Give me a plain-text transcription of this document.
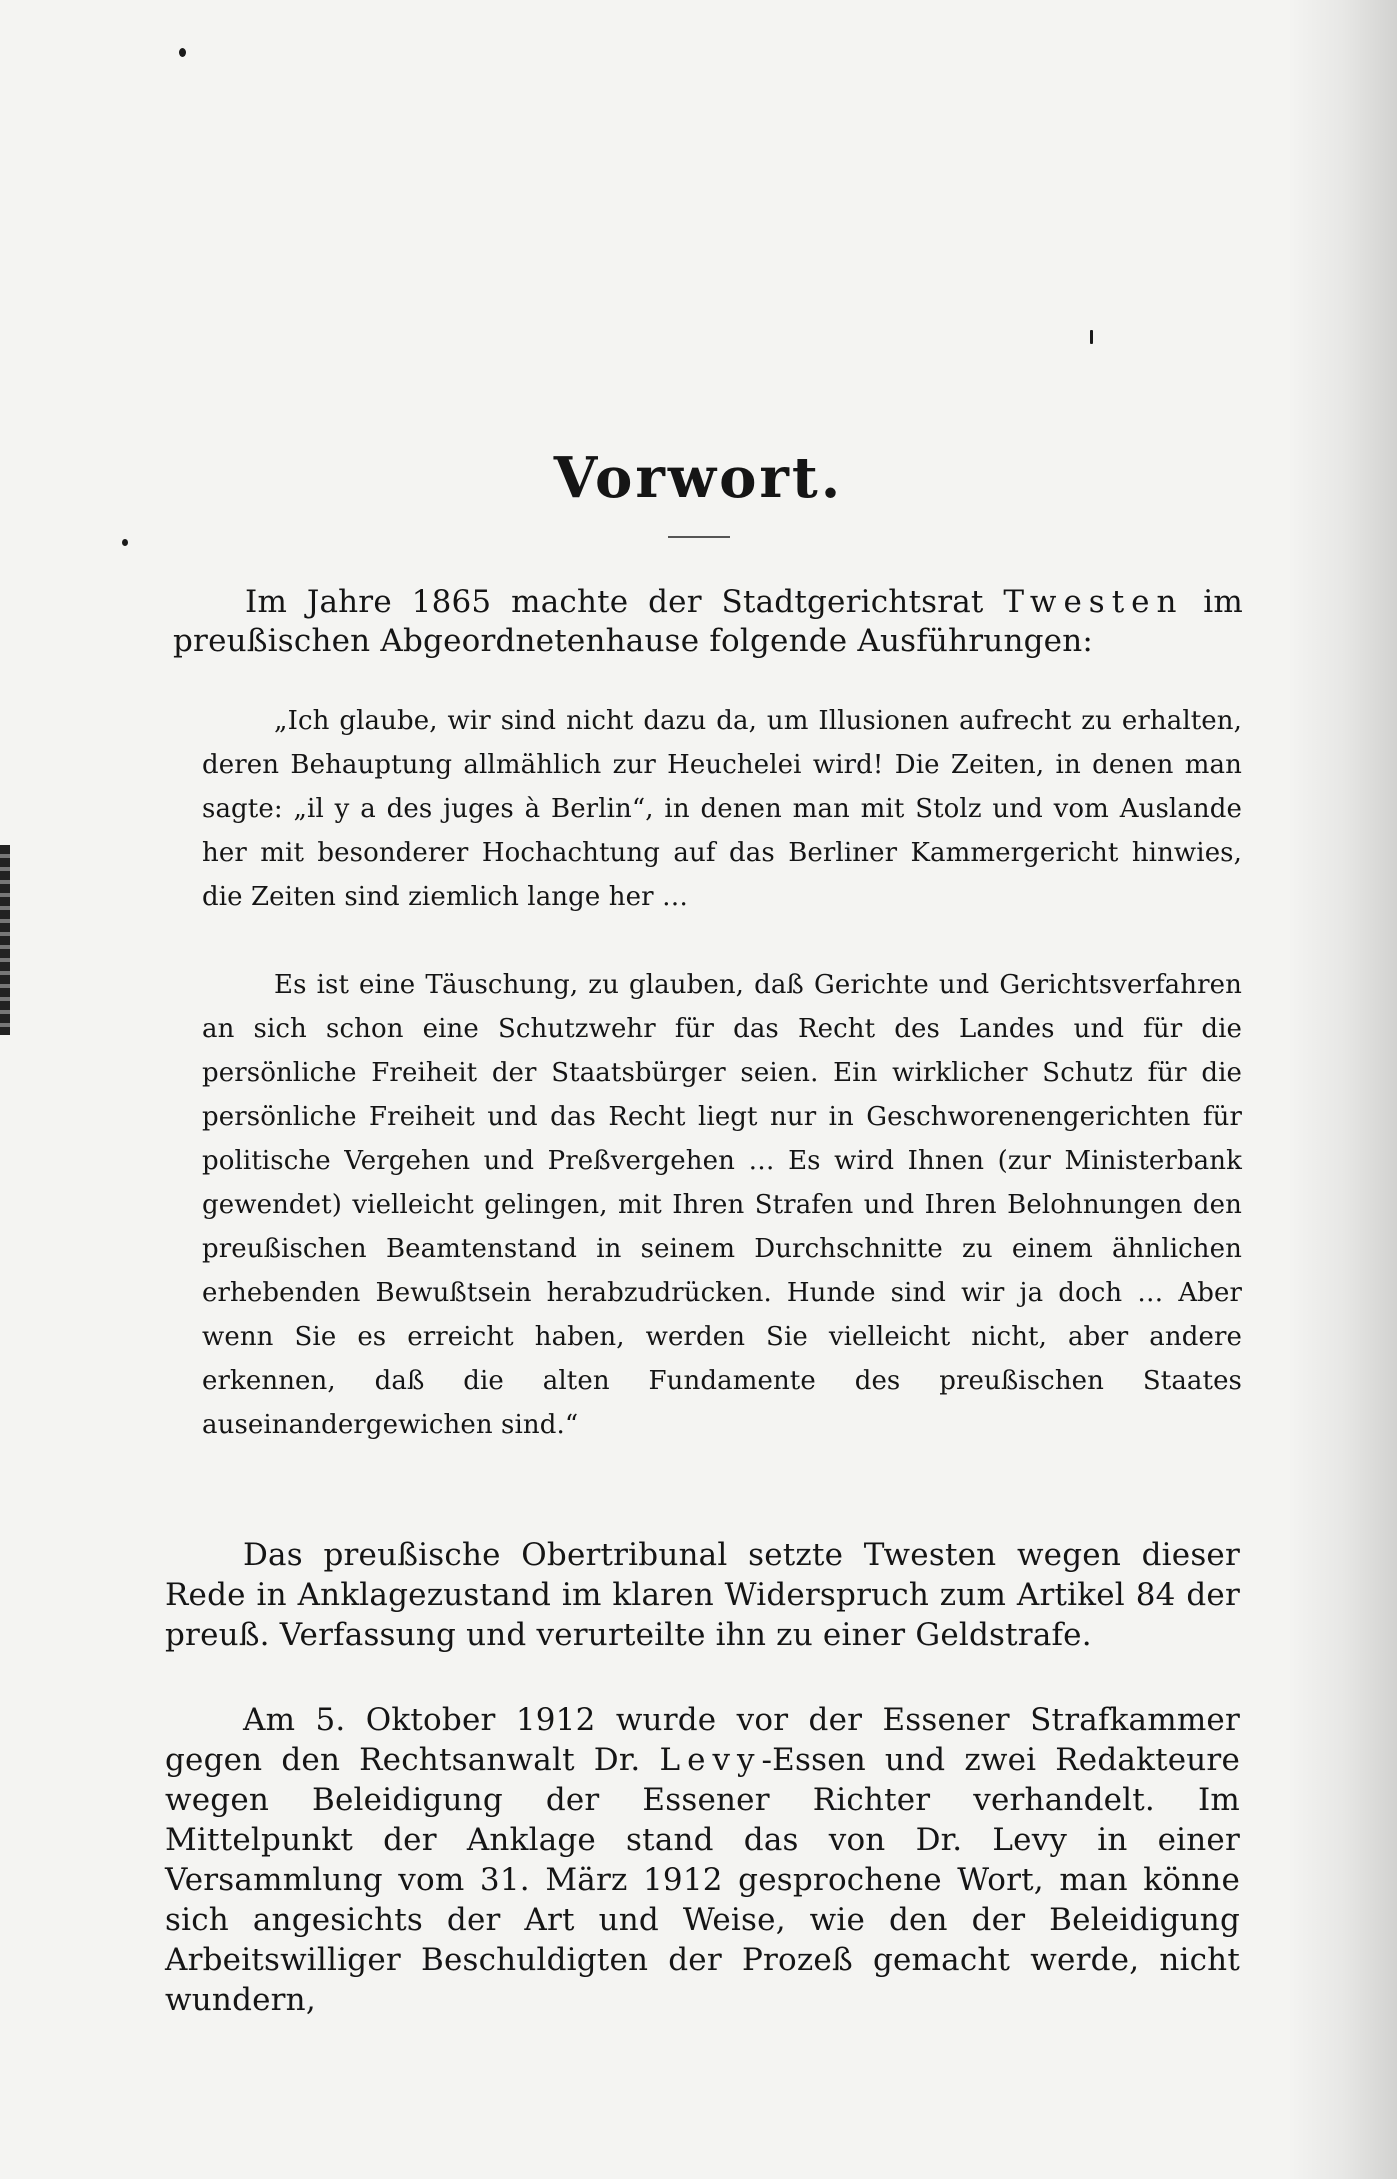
Vorwort.

Im Jahre 1865 machte der Stadtgerichtsrat Twesten im preußischen Abgeordnetenhause folgende Ausführungen:

„Ich glaube, wir sind nicht dazu da, um Illusionen aufrecht zu erhalten, deren Behauptung allmählich zur Heuchelei wird! Die Zeiten, in denen man sagte: „il y a des juges à Berlin“, in denen man mit Stolz und vom Auslande her mit besonderer Hochachtung auf das Berliner Kammergericht hinwies, die Zeiten sind ziemlich lange her …

Es ist eine Täuschung, zu glauben, daß Gerichte und Gerichtsverfahren an sich schon eine Schutzwehr für das Recht des Landes und für die persönliche Freiheit der Staatsbürger seien. Ein wirklicher Schutz für die persönliche Freiheit und das Recht liegt nur in Geschworenengerichten für politische Vergehen und Preßvergehen … Es wird Ihnen (zur Ministerbank gewendet) vielleicht gelingen, mit Ihren Strafen und Ihren Belohnungen den preußischen Beamtenstand in seinem Durchschnitte zu einem ähnlichen erhebenden Bewußtsein herabzudrücken. Hunde sind wir ja doch … Aber wenn Sie es erreicht haben, werden Sie vielleicht nicht, aber andere erkennen, daß die alten Fundamente des preußischen Staates auseinandergewichen sind.“

Das preußische Obertribunal setzte Twesten wegen dieser Rede in Anklagezustand im klaren Widerspruch zum Artikel 84 der preuß. Verfassung und verurteilte ihn zu einer Geldstrafe.

Am 5. Oktober 1912 wurde vor der Essener Strafkammer gegen den Rechtsanwalt Dr. Levy-Essen und zwei Redakteure wegen Beleidigung der Essener Richter verhandelt. Im Mittelpunkt der Anklage stand das von Dr. Levy in einer Versammlung vom 31. März 1912 gesprochene Wort, man könne sich angesichts der Art und Weise, wie den der Beleidigung Arbeitswilliger Beschuldigten der Prozeß gemacht werde, nicht wundern,
